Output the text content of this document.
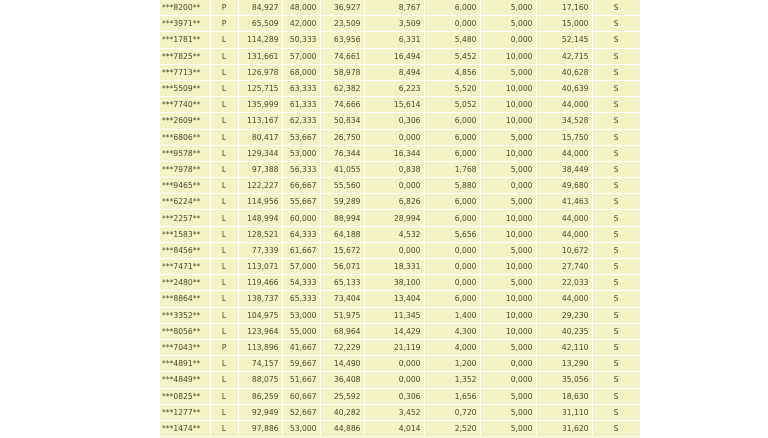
***8200**	P	84,927	48,000	36,927	8,767	6,000	5,000	17,160	S
***3971**	P	65,509	42,000	23,509	3,509	0,000	5,000	15,000	S
***1781**	L	114,289	50,333	63,956	6,331	5,480	0,000	52,145	S
***7825**	L	131,661	57,000	74,661	16,494	5,452	10,000	42,715	S
***7713**	L	126,978	68,000	58,978	8,494	4,856	5,000	40,628	S
***5509**	L	125,715	63,333	62,382	6,223	5,520	10,000	40,639	S
***7740**	L	135,999	61,333	74,666	15,614	5,052	10,000	44,000	S
***2609**	L	113,167	62,333	50,834	0,306	6,000	10,000	34,528	S
***6806**	L	80,417	53,667	26,750	0,000	6,000	5,000	15,750	S
***9578**	L	129,344	53,000	76,344	16,344	6,000	10,000	44,000	S
***7978**	L	97,388	56,333	41,055	0,838	1,768	5,000	38,449	S
***9465**	L	122,227	66,667	55,560	0,000	5,880	0,000	49,680	S
***6224**	L	114,956	55,667	59,289	6,826	6,000	5,000	41,463	S
***2257**	L	148,994	60,000	88,994	28,994	6,000	10,000	44,000	S
***1583**	L	128,521	64,333	64,188	4,532	5,656	10,000	44,000	S
***8456**	L	77,339	61,667	15,672	0,000	0,000	5,000	10,672	S
***7471**	L	113,071	57,000	56,071	18,331	0,000	10,000	27,740	S
***2480**	L	119,466	54,333	65,133	38,100	0,000	5,000	22,033	S
***8864**	L	138,737	65,333	73,404	13,404	6,000	10,000	44,000	S
***3352**	L	104,975	53,000	51,975	11,345	1,400	10,000	29,230	S
***8056**	L	123,964	55,000	68,964	14,429	4,300	10,000	40,235	S
***7043**	P	113,896	41,667	72,229	21,119	4,000	5,000	42,110	S
***4891**	L	74,157	59,667	14,490	0,000	1,200	0,000	13,290	S
***4849**	L	88,075	51,667	36,408	0,000	1,352	0,000	35,056	S
***0825**	L	86,259	60,667	25,592	0,306	1,656	5,000	18,630	S
***1277**	L	92,949	52,667	40,282	3,452	0,720	5,000	31,110	S
***1474**	L	97,886	53,000	44,886	4,014	2,520	5,000	31,620	S
